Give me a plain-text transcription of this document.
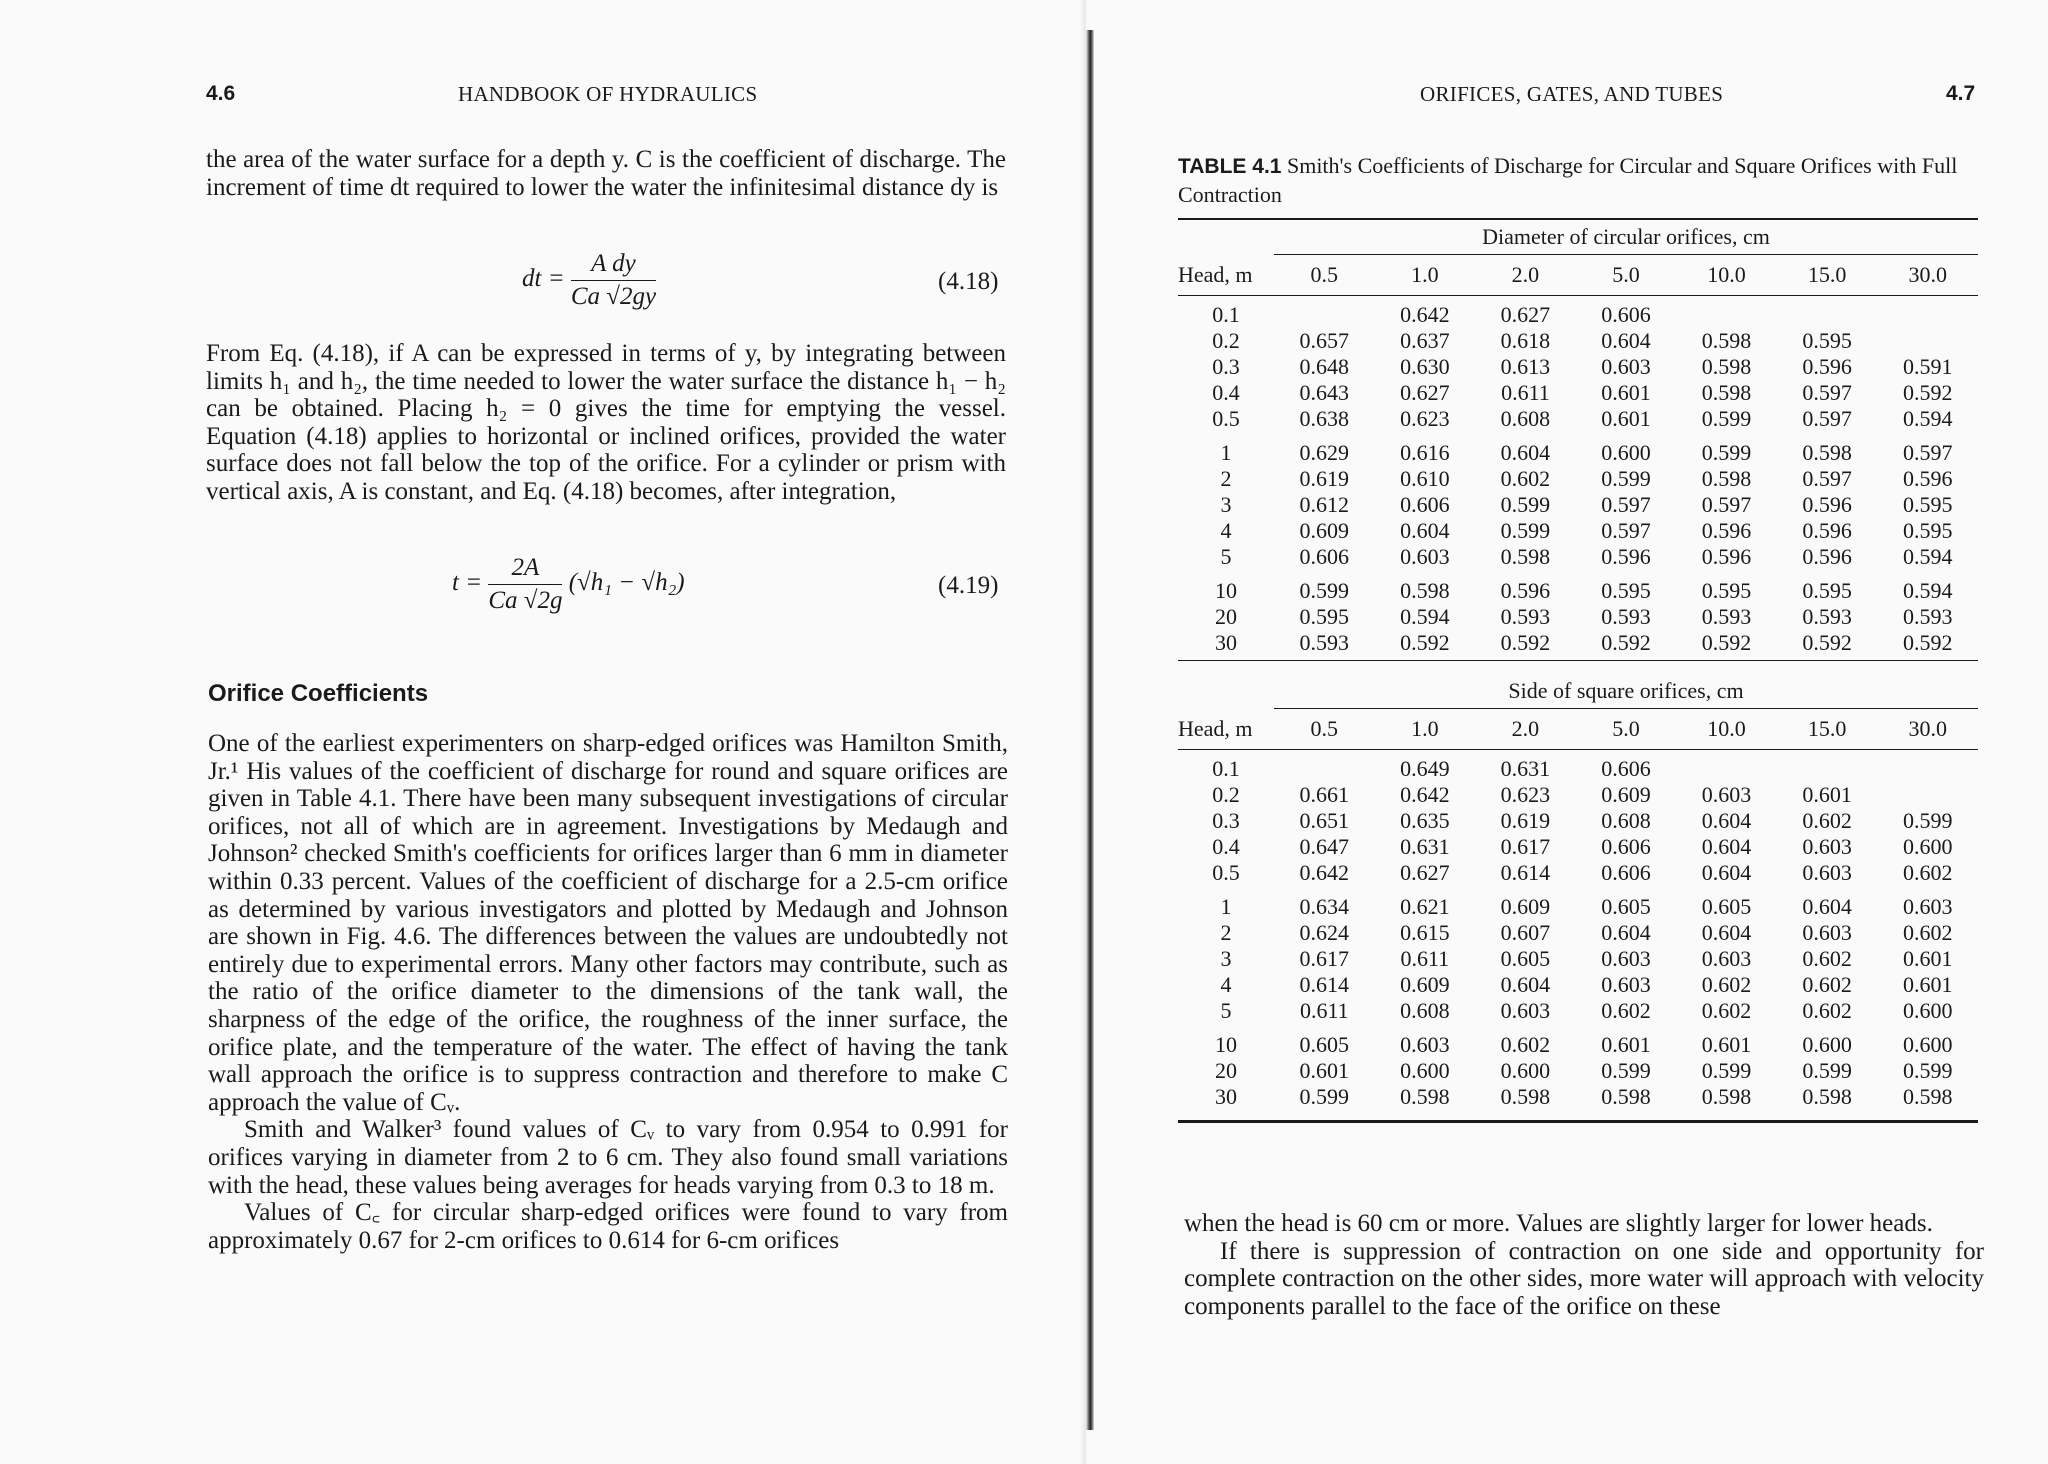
4.6	HANDBOOK OF HYDRAULICS

the area of the water surface for a depth y. C is the coefficient of discharge. The increment of time dt required to lower the water the infinitesimal distance dy is

dt = $\frac{\text{A dy}}{Ca √2gy}$	(4.18)

From Eq. (4.18), if A can be expressed in terms of y, by integrating between limits h₁ and h₂, the time needed to lower the water surface the distance h₁ − h₂ can be obtained. Placing h₂ = 0 gives the time for emptying the vessel. Equation (4.18) applies to horizontal or inclined orifices, provided the water surface does not fall below the top of the orifice. For a cylinder or prism with vertical axis, A is constant, and Eq. (4.18) becomes, after integration,

$t = \frac{2A}{Ca √2g} (√h_1 - √h_2)$	(4.19)
Orifice Coefficients

One of the earliest experimenters on sharp-edged orifices was Hamilton Smith, Jr.¹ His values of the coefficient of discharge for round and square orifices are given in Table 4.1. There have been many subsequent investigations of circular orifices, not all of which are in agreement. Investigations by Medaugh and Johnson² checked Smith's coefficients for orifices larger than 6 mm in diameter within 0.33 percent. Values of the coefficient of discharge for a 2.5-cm orifice as determined by various investigators and plotted by Medaugh and Johnson are shown in Fig. 4.6. The differences between the values are undoubtedly not entirely due to experimental errors. Many other factors may contribute, such as the ratio of the orifice diameter to the dimensions of the tank wall, the sharpness of the edge of the orifice, the roughness of the inner surface, the orifice plate, and the temperature of the water. The effect of having the tank wall approach the orifice is to suppress contraction and therefore to make C approach the value of Cᵥ.

Smith and Walker³ found values of Cᵥ to vary from 0.954 to 0.991 for orifices varying in diameter from 2 to 6 cm. They also found small variations with the head, these values being averages for heads varying from 0.3 to 18 m.

Values of C꜀ for circular sharp-edged orifices were found to vary from approximately 0.67 for 2-cm orifices to 0.614 for 6-cm orifices

ORIFICES, GATES, AND TUBES	4.7
TABLE 4.1 Smith's Coefficients of Discharge for Circular and Square Orifices with Full Contraction
	Diameter of circular orifices, cm						
Head, m	0.5	1.0	2.0	5.0	10.0	15.0	30.0
0.1		0.642	0.627	0.606			
0.2	0.657	0.637	0.618	0.604	0.598	0.595	
0.3	0.648	0.630	0.613	0.603	0.598	0.596	0.591
0.4	0.643	0.627	0.611	0.601	0.598	0.597	0.592
0.5	0.638	0.623	0.608	0.601	0.599	0.597	0.594
1	0.629	0.616	0.604	0.600	0.599	0.598	0.597
2	0.619	0.610	0.602	0.599	0.598	0.597	0.596
3	0.612	0.606	0.599	0.597	0.597	0.596	0.595
4	0.609	0.604	0.599	0.597	0.596	0.596	0.595
5	0.606	0.603	0.598	0.596	0.596	0.596	0.594
10	0.599	0.598	0.596	0.595	0.595	0.595	0.594
20	0.595	0.594	0.593	0.593	0.593	0.593	0.593
30	0.593	0.592	0.592	0.592	0.592	0.592	0.592
	Side of square orifices, cm						
Head, m	0.5	1.0	2.0	5.0	10.0	15.0	30.0
0.1		0.649	0.631	0.606			
0.2	0.661	0.642	0.623	0.609	0.603	0.601	
0.3	0.651	0.635	0.619	0.608	0.604	0.602	0.599
0.4	0.647	0.631	0.617	0.606	0.604	0.603	0.600
0.5	0.642	0.627	0.614	0.606	0.604	0.603	0.602
1	0.634	0.621	0.609	0.605	0.605	0.604	0.603
2	0.624	0.615	0.607	0.604	0.604	0.603	0.602
3	0.617	0.611	0.605	0.603	0.603	0.602	0.601
4	0.614	0.609	0.604	0.603	0.602	0.602	0.601
5	0.611	0.608	0.603	0.602	0.602	0.602	0.600
10	0.605	0.603	0.602	0.601	0.601	0.600	0.600
20	0.601	0.600	0.600	0.599	0.599	0.599	0.599
30	0.599	0.598	0.598	0.598	0.598	0.598	0.598

when the head is 60 cm or more. Values are slightly larger for lower heads.

If there is suppression of contraction on one side and opportunity for complete contraction on the other sides, more water will approach with velocity components parallel to the face of the orifice on these
